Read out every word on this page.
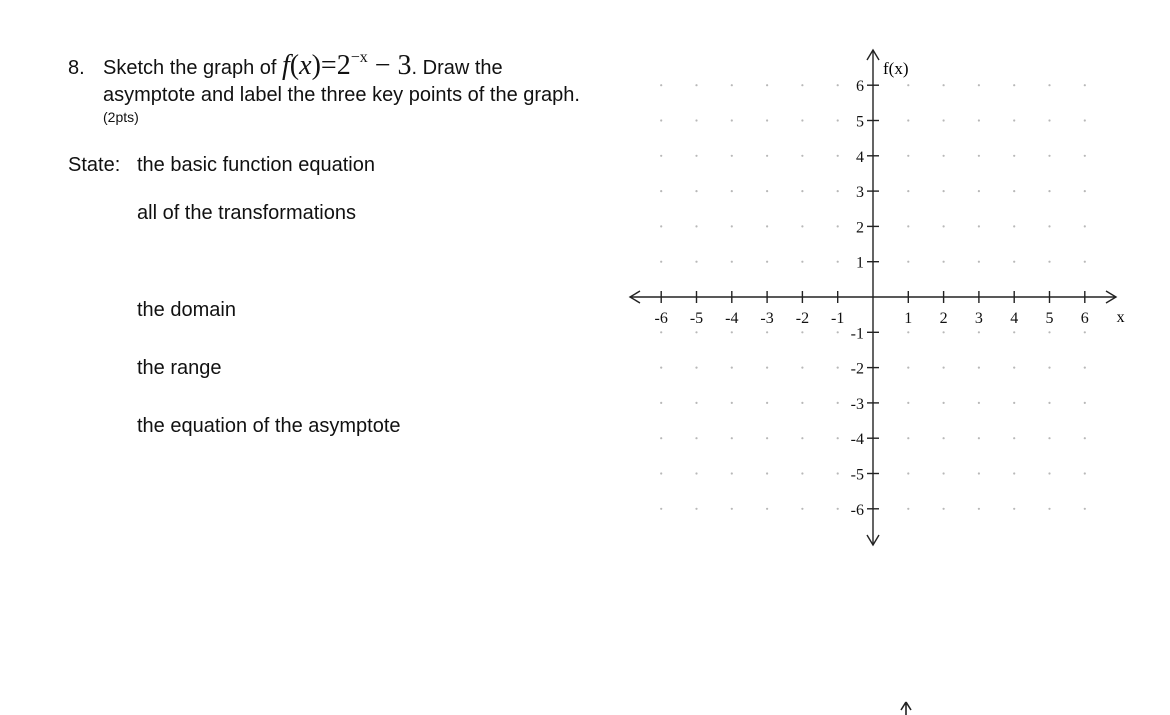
8. Sketch the graph of $f(x)=2^{-x} - 3$. Draw the
asymptote and label the three key points of the graph.
(2pts)
State: the basic function equation
all of the transformations
the domain
the range
the equation of the asymptote
-6 -5 -4 -3 -2 -1	1 2 3 4 5 6
1
2
3
4
5
6
-1
-2
-3
-4
-5
-6
f(x)
x
